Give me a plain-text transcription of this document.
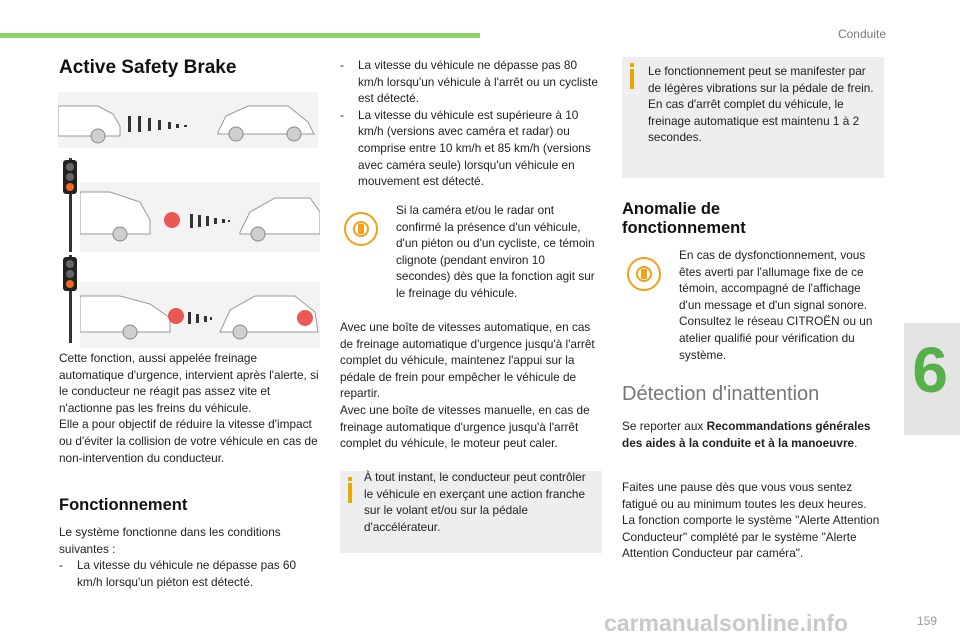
Conduite
6
Active Safety Brake

Cette fonction, aussi appelée freinage automatique d'urgence, intervient après l'alerte, si le conducteur ne réagit pas assez vite et n'actionne pas les freins du véhicule.

Elle a pour objectif de réduire la vitesse d'impact ou d'éviter la collision de votre véhicule en cas de non-intervention du conducteur.

Fonctionnement

Le système fonctionne dans les conditions suivantes :

-	La vitesse du véhicule ne dépasse pas 60 km/h lorsqu'un piéton est détecté.
-	La vitesse du véhicule ne dépasse pas 80 km/h lorsqu'un véhicule à l'arrêt ou un cycliste est détecté.
-	La vitesse du véhicule est supérieure à 10 km/h (versions avec caméra et radar) ou comprise entre 10 km/h et 85 km/h (versions avec caméra seule) lorsqu'un véhicule en mouvement est détecté.
Si la caméra et/ou le radar ont confirmé la présence d'un véhicule, d'un piéton ou d'un cycliste, ce témoin clignote (pendant environ 10 secondes) dès que la fonction agit sur le freinage du véhicule.

Avec une boîte de vitesses automatique, en cas de freinage automatique d'urgence jusqu'à l'arrêt complet du véhicule, maintenez l'appui sur la pédale de frein pour empêcher le véhicule de repartir.

Avec une boîte de vitesses manuelle, en cas de freinage automatique d'urgence jusqu'à l'arrêt complet du véhicule, le moteur peut caler.

À tout instant, le conducteur peut contrôler le véhicule en exerçant une action franche sur le volant et/ou sur la pédale d'accélérateur.

Le fonctionnement peut se manifester par de légères vibrations sur la pédale de frein.

En cas d'arrêt complet du véhicule, le freinage automatique est maintenu 1 à 2 secondes.

Anomalie de fonctionnement
En cas de dysfonctionnement, vous êtes averti par l'allumage fixe de ce témoin, accompagné de l'affichage d'un message et d'un signal sonore. Consultez le réseau CITROËN ou un atelier qualifié pour vérification du système.
Détection d'inattention
Se reporter aux Recommandations générales des aides à la conduite et à la manoeuvre.

Faites une pause dès que vous vous sentez fatigué ou au minimum toutes les deux heures.

La fonction comporte le système "Alerte Attention Conducteur" complété par le système "Alerte Attention Conducteur par caméra".

carmanualsonline.info	159
